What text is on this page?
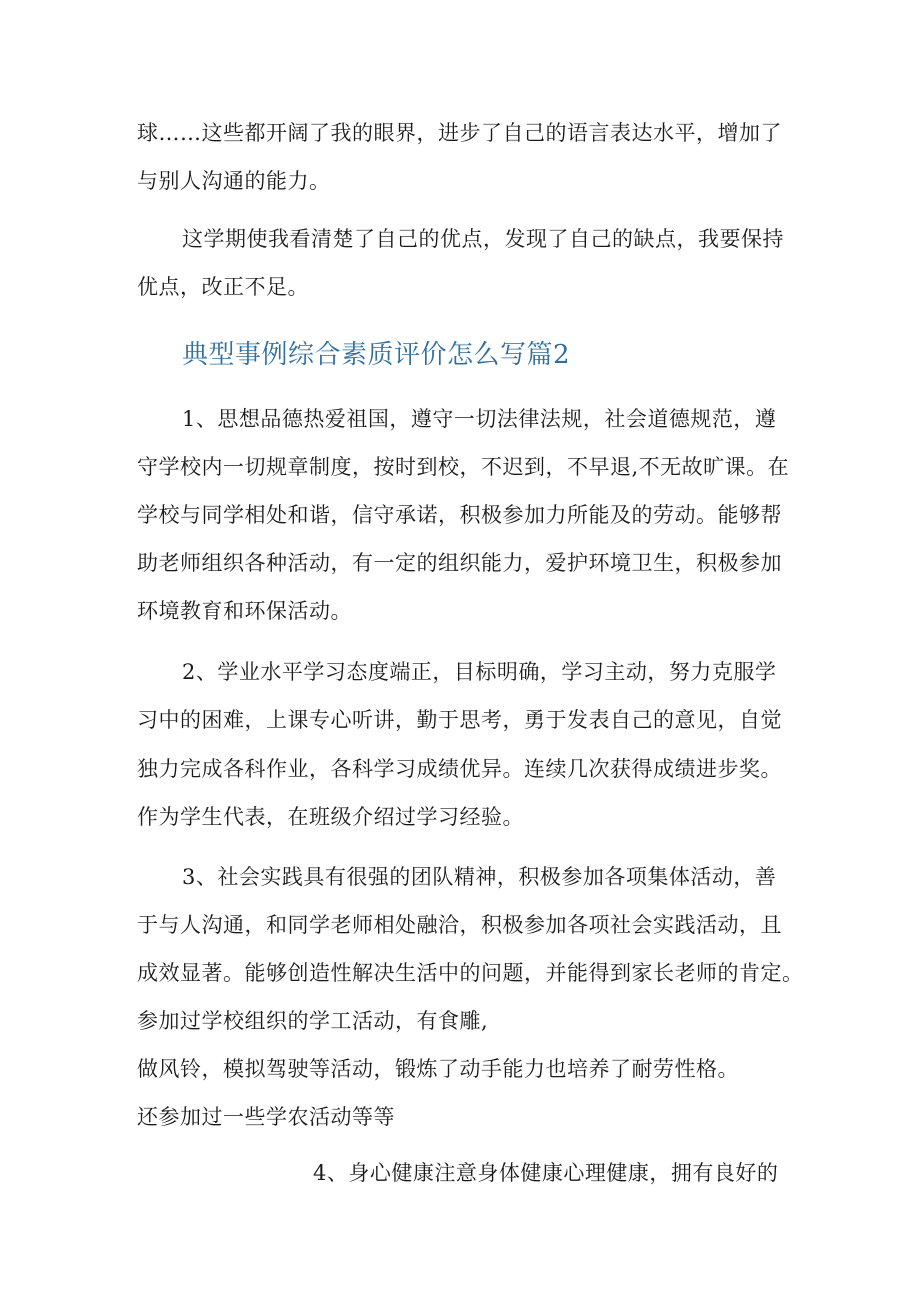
球……这些都开阔了我的眼界，进步了自己的语言表达水平，增加了
与别人沟通的能力。
这学期使我看清楚了自己的优点，发现了自己的缺点，我要保持
优点，改正不足。
典型事例综合素质评价怎么写篇2
1、思想品德热爱祖国，遵守一切法律法规，社会道德规范，遵
守学校内一切规章制度，按时到校，不迟到，不早退,不无故旷课。在
学校与同学相处和谐，信守承诺，积极参加力所能及的劳动。能够帮
助老师组织各种活动，有一定的组织能力，爱护环境卫生，积极参加
环境教育和环保活动。
2、学业水平学习态度端正，目标明确，学习主动，努力克服学
习中的困难，上课专心听讲，勤于思考，勇于发表自己的意见，自觉
独力完成各科作业，各科学习成绩优异。连续几次获得成绩进步奖。
作为学生代表，在班级介绍过学习经验。
3、社会实践具有很强的团队精神，积极参加各项集体活动，善
于与人沟通，和同学老师相处融洽，积极参加各项社会实践活动，且
成效显著。能够创造性解决生活中的问题，并能得到家长老师的肯定。
参加过学校组织的学工活动，有食雕,
做风铃，模拟驾驶等活动，锻炼了动手能力也培养了耐劳性格。
还参加过一些学农活动等等
4、身心健康注意身体健康心理健康，拥有良好的
